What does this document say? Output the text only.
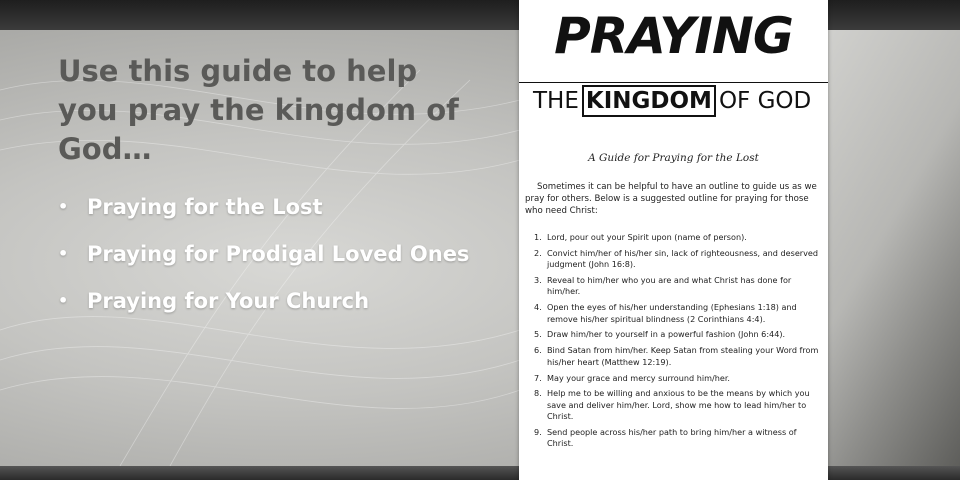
Use this guide to help you pray the kingdom of God…
• Praying for the Lost
• Praying for Prodigal Loved Ones
• Praying for Your Church
PRAYING
THE KINGDOM OF GOD
A Guide for Praying for the Lost

Sometimes it can be helpful to have an outline to guide us as we pray for others. Below is a suggested outline for praying for those who need Christ:

1. Lord, pour out your Spirit upon (name of person).
2. Convict him/her of his/her sin, lack of righteousness, and deserved judgment (John 16:8).
3. Reveal to him/her who you are and what Christ has done for him/her.
4. Open the eyes of his/her understanding (Ephesians 1:18) and remove his/her spiritual blindness (2 Corinthians 4:4).
5. Draw him/her to yourself in a powerful fashion (John 6:44).
6. Bind Satan from him/her. Keep Satan from stealing your Word from his/her heart (Matthew 12:19).
7. May your grace and mercy surround him/her.
8. Help me to be willing and anxious to be the means by which you save and deliver him/her. Lord, show me how to lead him/her to Christ.
9. Send people across his/her path to bring him/her a witness of Christ.
